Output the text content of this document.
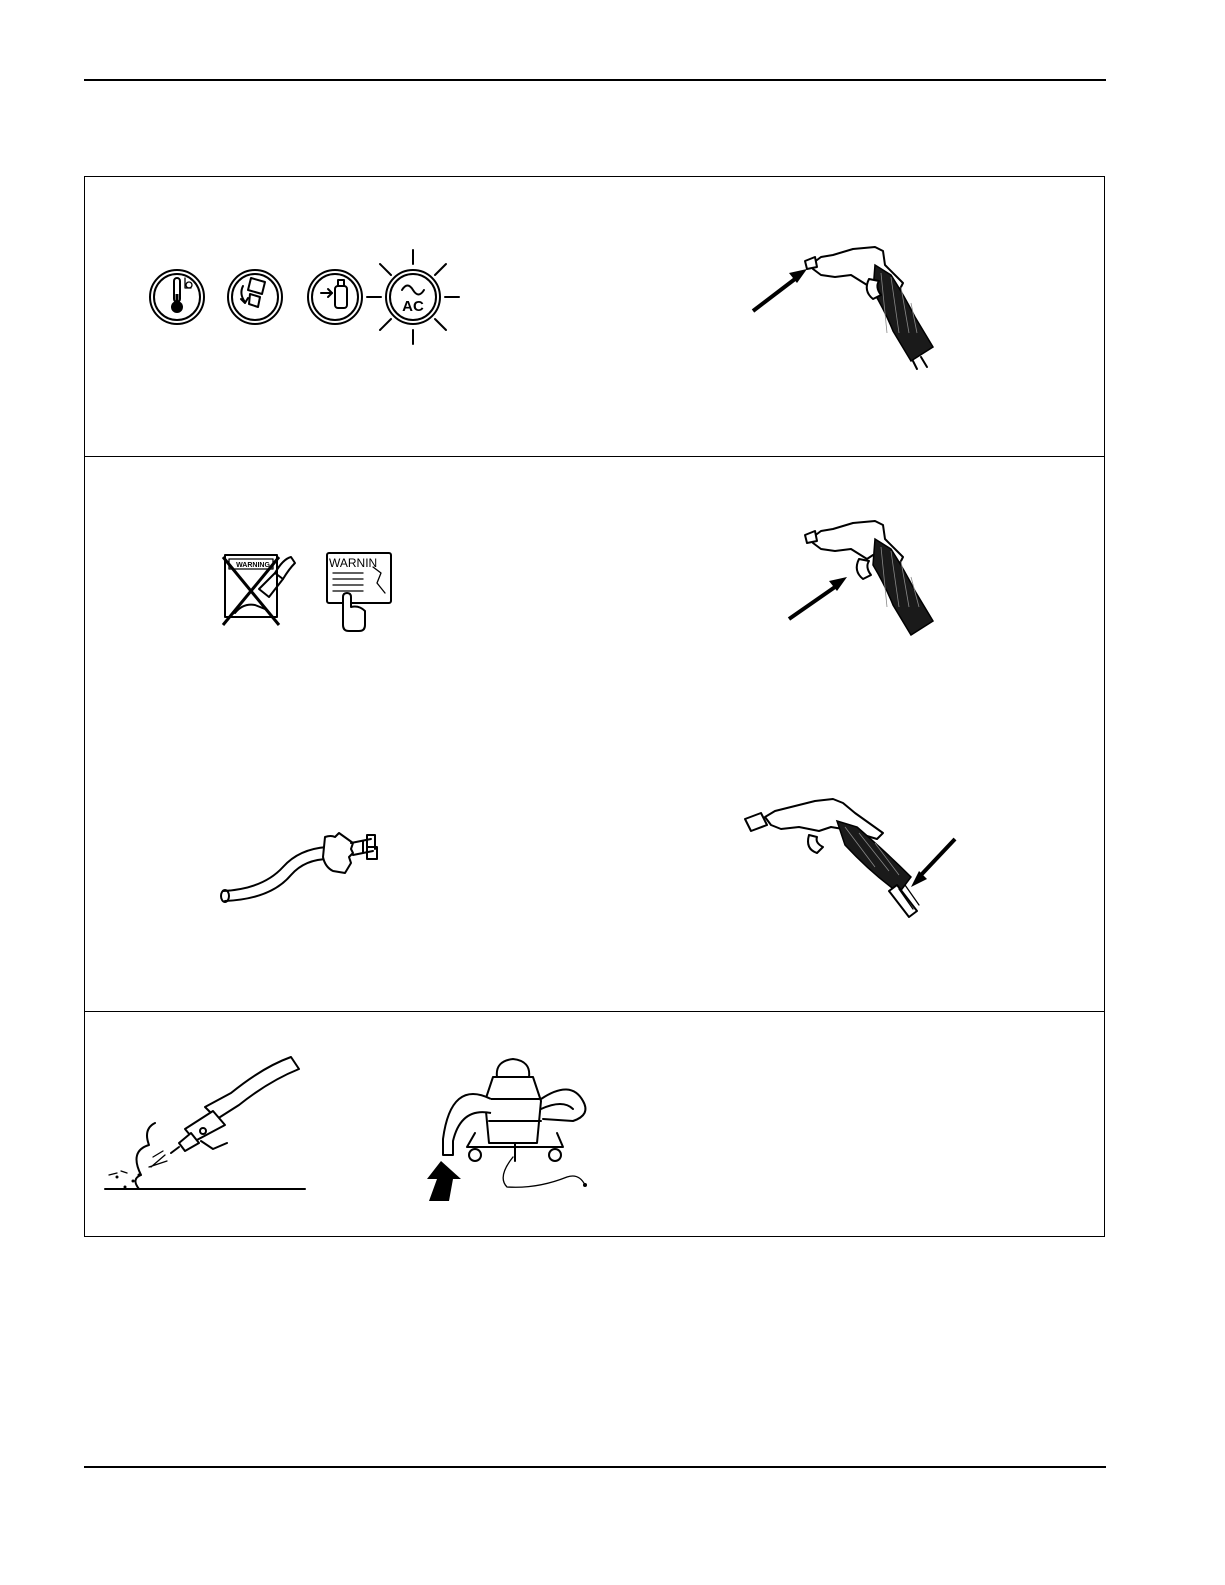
AC
WARNING	WARNIN
